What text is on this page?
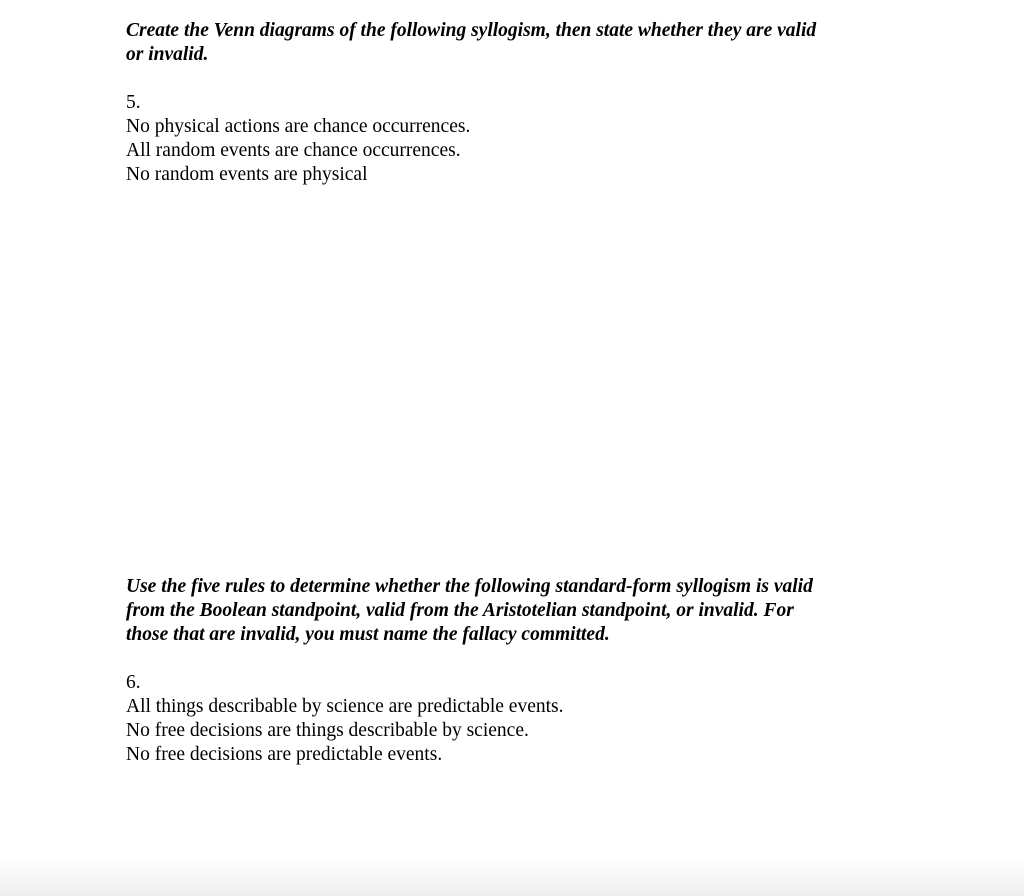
Create the Venn diagrams of the following syllogism, then state whether they are valid

or invalid.

5.

No physical actions are chance occurrences.

All random events are chance occurrences.

No random events are physical

Use the five rules to determine whether the following standard-form syllogism is valid

from the Boolean standpoint, valid from the Aristotelian standpoint, or invalid. For

those that are invalid, you must name the fallacy committed.

6.

All things describable by science are predictable events.

No free decisions are things describable by science.

No free decisions are predictable events.
